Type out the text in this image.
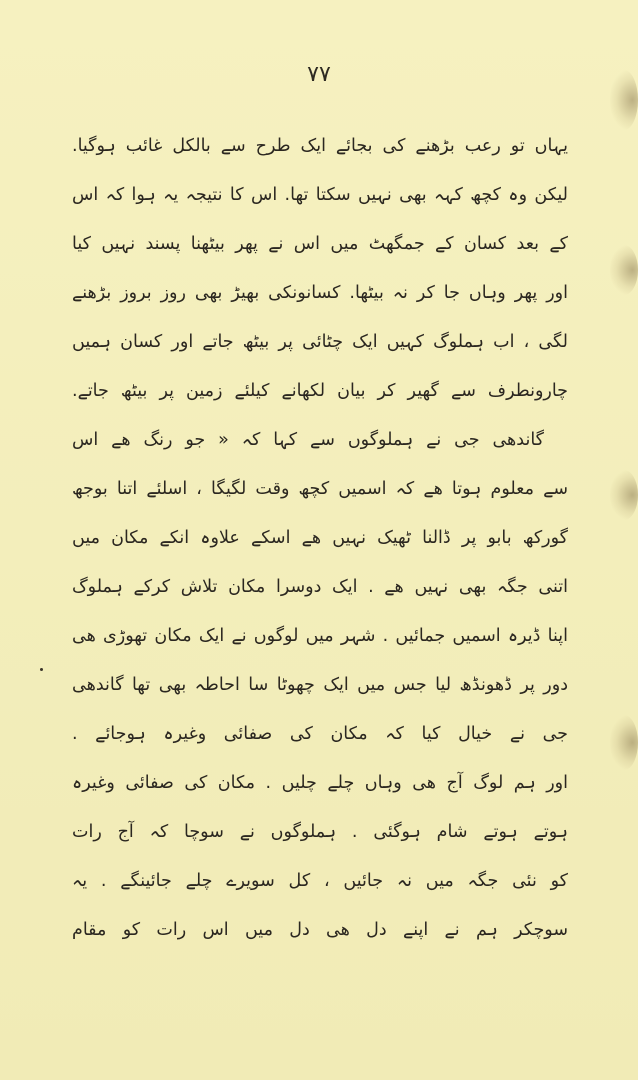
۷۷
یہاں تو رعب بڑھنے کی بجائے ایک طرح سے بالکل غائب ہوگیا.
لیکن وہ کچھ کہہ بھی نہیں سکتا تھا. اس کا نتیجہ یہ ہوا کہ اس
کے بعد کسان کے جمگھٹ میں اس نے پھر بیٹھنا پسند نہیں کیا
اور پھر وہاں جا کر نہ بیٹھا. کسانونکی بھیڑ بھی روز بروز بڑھنے
لگی ، اب ہملوگ کہیں ایک چٹائی پر بیٹھ جاتے اور کسان ہمیں
چارونطرف سے گھیر کر بیان لکھانے کیلئے زمین پر بیٹھ جاتے.
گاندھی جی نے ہملوگوں سے کہا کہ « جو رنگ ھے اس
سے معلوم ہوتا ھے کہ اسمیں کچھ وقت لگیگا ، اسلئے اتنا بوجھ
گورکھ بابو پر ڈالنا ٹھیک نہیں ھے اسکے علاوہ انکے مکان میں
اتنی جگہ بھی نہیں ھے . ایک دوسرا مکان تلاش کرکے ہملوگ
اپنا ڈیرہ اسمیں جمائیں . شہر میں لوگوں نے ایک مکان تھوڑی ھی
دور پر ڈھونڈھ لیا جس میں ایک چھوٹا سا احاطہ بھی تھا گاندھی
جی نے خیال کیا کہ مکان کی صفائی وغیرہ ہوجائے .
اور ہم لوگ آج ھی وہاں چلے چلیں . مکان کی صفائی وغیرہ
ہوتے ہوتے شام ہوگئی . ہملوگوں نے سوچا کہ آج رات
کو نئی جگہ میں نہ جائیں ، کل سویرے چلے جائینگے . یہ
سوچکر ہم نے اپنے دل ھی دل میں اس رات کو مقام
